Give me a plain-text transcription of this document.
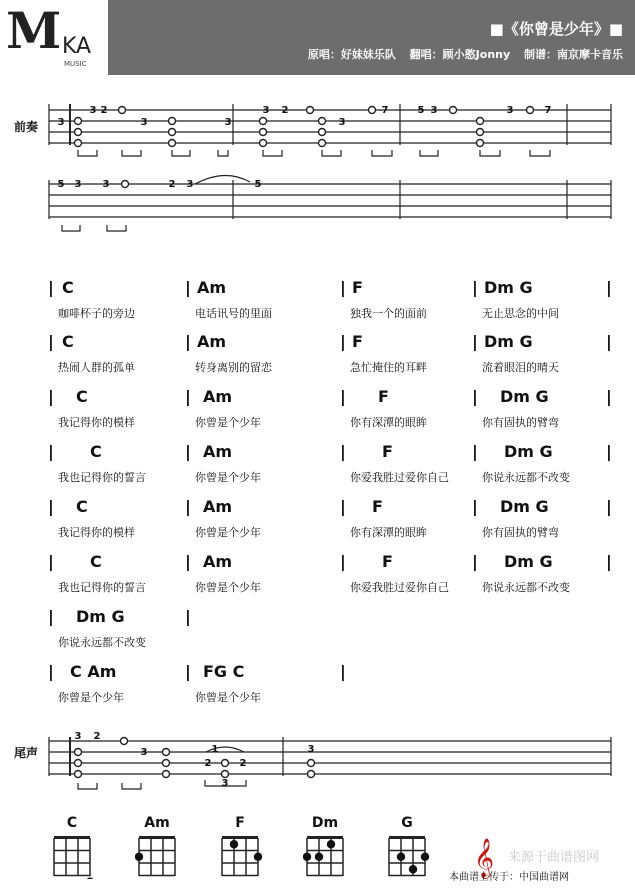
M KA
MUSIC
■《你曾是少年》■
原唱：好妹妹乐队 翻唱：顾小憨Jonny 制谱：南京摩卡音乐
前奏 3
3 2
3	3
3 2
3
7	5 3	3	7
5 3 3	2 3	5
3 2
3	1
2	2
3
3
| C
咖啡杯子的旁边
| Am
电话讯号的里面
| F
独我一个的面前
| Dm G
无止思念的中间
|
| C
热闹人群的孤单
| Am
转身离别的留恋
| F
急忙掩住的耳畔
| Dm G
流着眼泪的晴天
|
| C
我记得你的模样
| Am
你曾是个少年
| F
你有深潭的眼眸
| Dm G
你有固执的臂弯
|
| C
我也记得你的誓言
| Am
你曾是个少年
| F
你爱我胜过爱你自己
| Dm G
你说永远都不改变
|
| C
我记得你的模样
| Am
你曾是个少年
| F
你有深潭的眼眸
| Dm G
你有固执的臂弯
|
| C
我也记得你的誓言
| Am
你曾是个少年
| F
你爱我胜过爱你自己
| Dm G
你说永远都不改变
|
| Dm G
你说永远都不改变
|
| C Am
你曾是个少年
| FG C
你曾是个少年
|
尾声
C	Am	F	Dm	G
𝄞 来源于曲谱图网
本曲谱上传于：中国曲谱网
